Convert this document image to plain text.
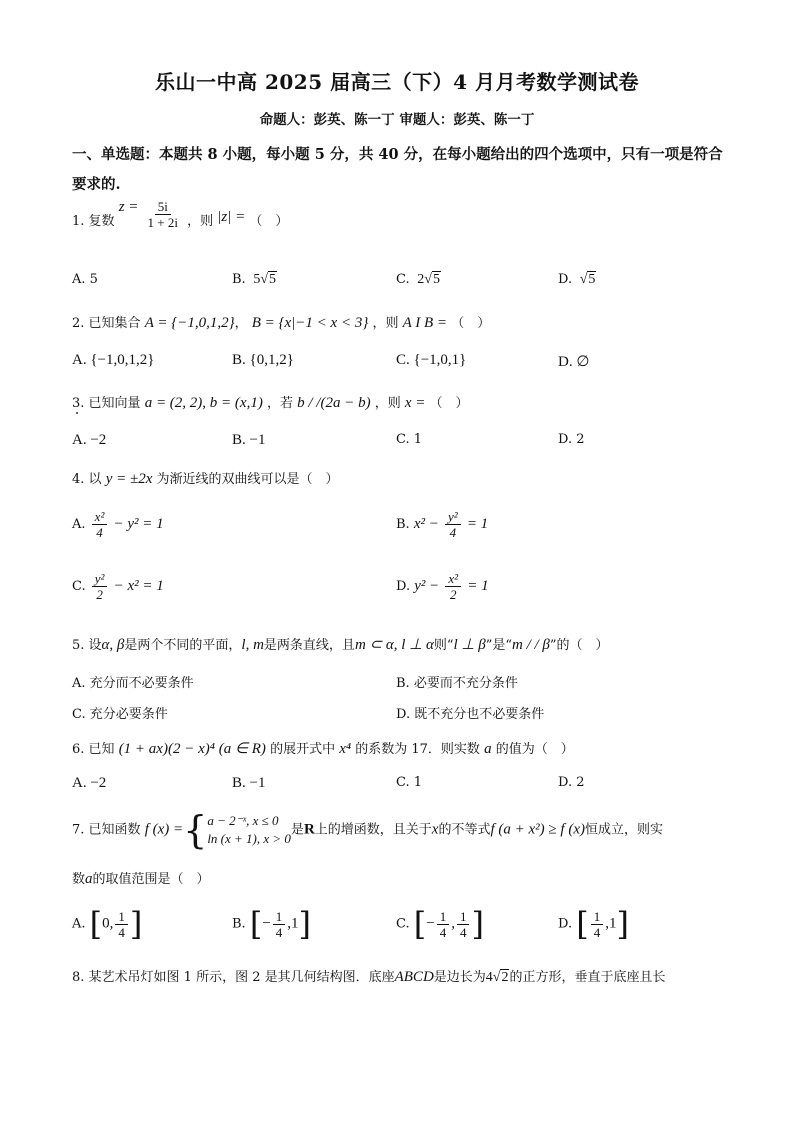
乐山一中高 2025 届高三（下）4 月月考数学测试卷
命题人：彭英、陈一丁 审题人：彭英、陈一丁
一、单选题：本题共 8 小题，每小题 5 分，共 40 分，在每小题给出的四个选项中，只有一项是符合要求的.
1. 复数 $z = \frac{5i}{1 + 2i}$ ，则 |z| = （　）
A. 5	B. 5√5	C. 2√5	D.  √5
2. 已知集合 A = {−1,0,1,2}， B = {x|−1 < x < 3} ，则 A I B = （　）
A. {−1,0,1,2}	B. {0,1,2}	C. {−1,0,1}	D. ∅
3. 已知向量 a = (2, 2), b = (x,1) ，若 b / /(2a − b) ，则 x = （　）
A. −2	B. −1	C. 1	D. 2
4. 以 y = ±2x 为渐近线的双曲线可以是（　）
A. $\frac{\text{x²}}{4} - y^2 = 1$	B. $x^2 - \frac{\text{y²}}{4} = 1$
C. $\frac{\text{y²}}{2} - x^2 = 1$	D. $y^2 - \frac{\text{x²}}{2} = 1$
5. 设α, β是两个不同的平面，l, m是两条直线，且m ⊂ α, l ⊥ α则“l ⊥ β”是“m / / β”的（　）
A. 充分而不必要条件	B. 必要而不充分条件
C. 充分必要条件	D. 既不充分也不必要条件
6. 已知 (1 + ax)(2 − x)⁴ (a ∈ R) 的展开式中 x⁴ 的系数为 17．则实数 a 的值为（　）
A. −2	B. −1	C. 1	D. 2
7. 已知函数 f (x) ={ a − 2⁻ˣ, x ≤ 0
ln (x + 1), x > 0
是R上的增函数，且关于x的不等式f (a + x²) ≥ f (x)恒成立，则实
数a的取值范围是（　）
A. [0, $\frac{1}{4}$ ]	B. [− $\frac{1}{4} ,1$]	C. [− $\frac{1}{4}$ , $\frac{1}{4}$ ]	D. [ $\frac{1}{4} ,1$]
8. 某艺术吊灯如图 1 所示，图 2 是其几何结构图．底座ABCD是边长为4√2的正方形，垂直于底座且长
